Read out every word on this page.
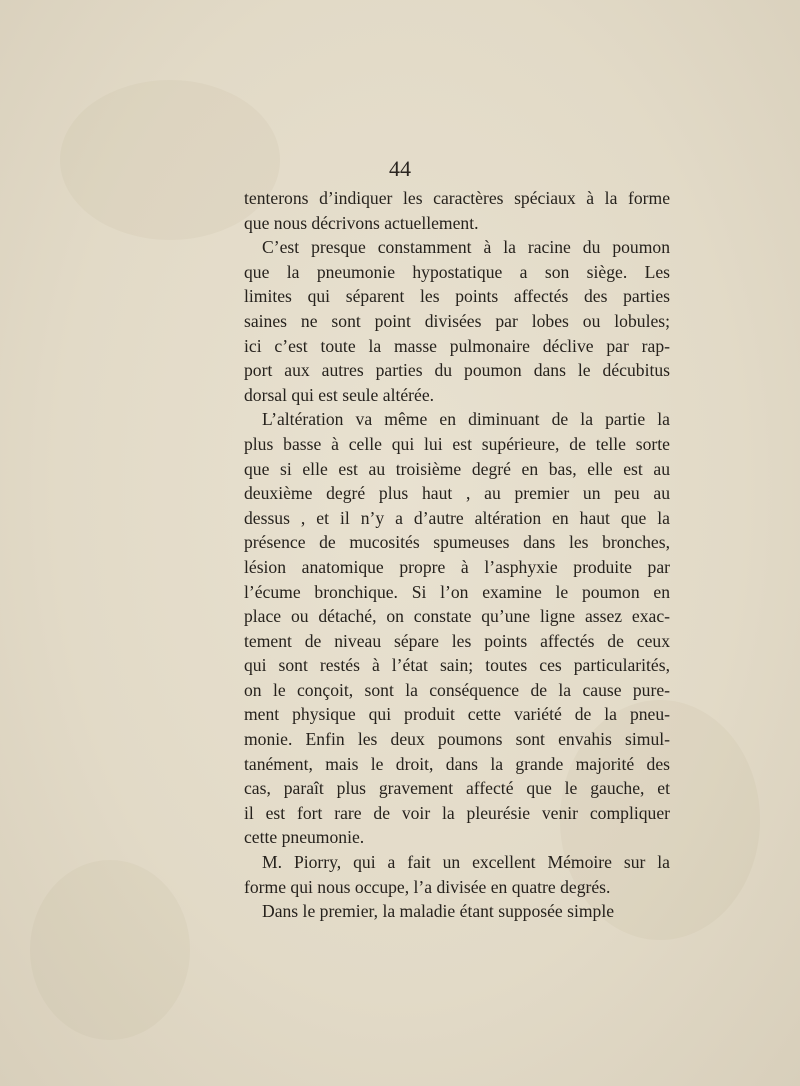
44
tenterons d’indiquer les caractères spéciaux à la forme
que nous décrivons actuellement.
C’est presque constamment à la racine du poumon
que la pneumonie hypostatique a son siège. Les
limites qui séparent les points affectés des parties
saines ne sont point divisées par lobes ou lobules;
ici c’est toute la masse pulmonaire déclive par rap-
port aux autres parties du poumon dans le décubitus
dorsal qui est seule altérée.
L’altération va même en diminuant de la partie la
plus basse à celle qui lui est supérieure, de telle sorte
que si elle est au troisième degré en bas, elle est au
deuxième degré plus haut , au premier un peu au
dessus , et il n’y a d’autre altération en haut que la
présence de mucosités spumeuses dans les bronches,
lésion anatomique propre à l’asphyxie produite par
l’écume bronchique. Si l’on examine le poumon en
place ou détaché, on constate qu’une ligne assez exac-
tement de niveau sépare les points affectés de ceux
qui sont restés à l’état sain; toutes ces particularités,
on le conçoit, sont la conséquence de la cause pure-
ment physique qui produit cette variété de la pneu-
monie. Enfin les deux poumons sont envahis simul-
tanément, mais le droit, dans la grande majorité des
cas, paraît plus gravement affecté que le gauche, et
il est fort rare de voir la pleurésie venir compliquer
cette pneumonie.
M. Piorry, qui a fait un excellent Mémoire sur la
forme qui nous occupe, l’a divisée en quatre degrés.
Dans le premier, la maladie étant supposée simple
